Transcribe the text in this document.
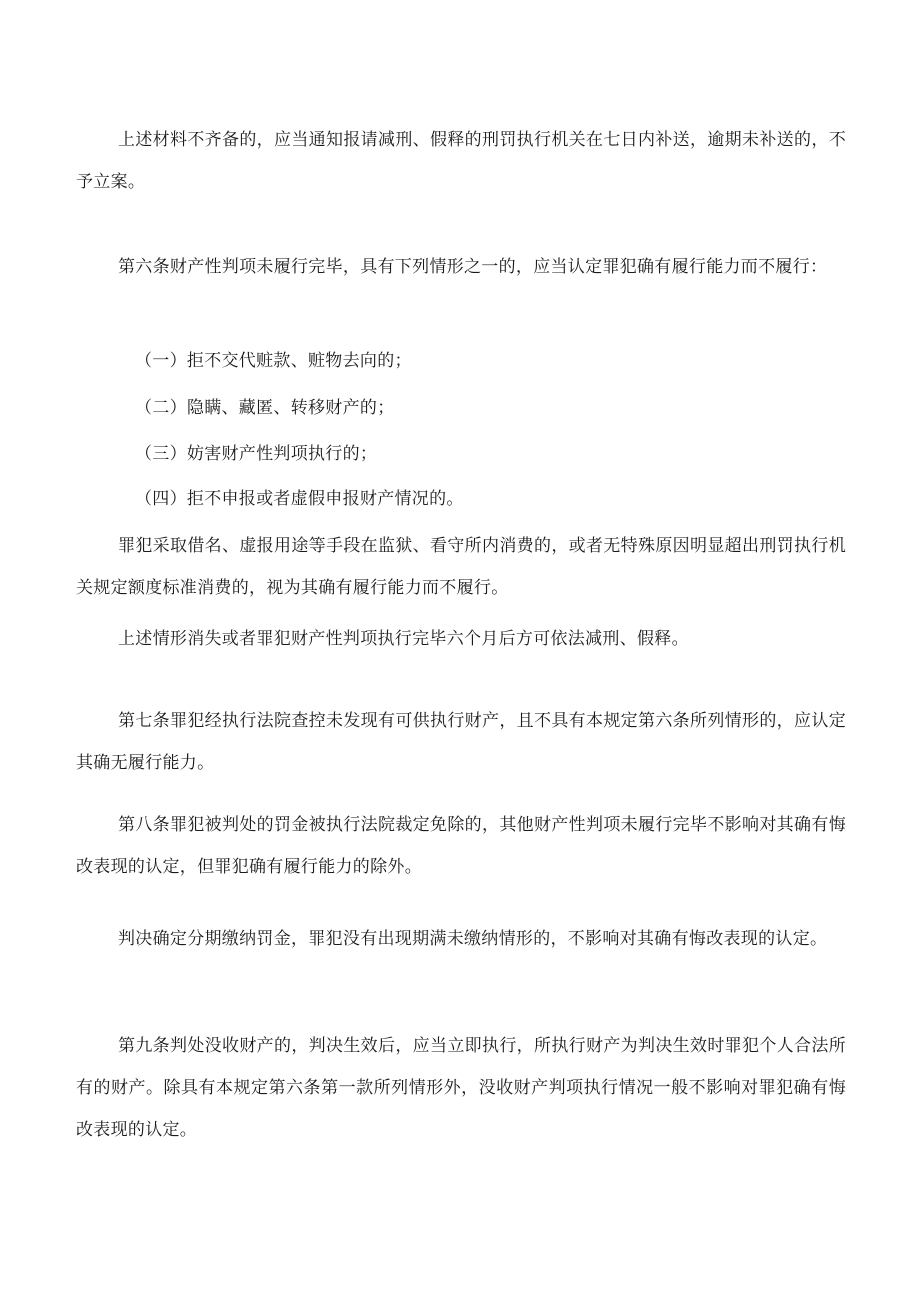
上述材料不齐备的，应当通知报请减刑、假释的刑罚执行机关在七日内补送，逾期未补送的，不予立案。

第六条财产性判项未履行完毕，具有下列情形之一的，应当认定罪犯确有履行能力而不履行：

（一）拒不交代赃款、赃物去向的；

（二）隐瞒、藏匿、转移财产的；

（三）妨害财产性判项执行的；

（四）拒不申报或者虚假申报财产情况的。

罪犯采取借名、虚报用途等手段在监狱、看守所内消费的，或者无特殊原因明显超出刑罚执行机关规定额度标准消费的，视为其确有履行能力而不履行。

上述情形消失或者罪犯财产性判项执行完毕六个月后方可依法减刑、假释。

第七条罪犯经执行法院查控未发现有可供执行财产，且不具有本规定第六条所列情形的，应认定其确无履行能力。

第八条罪犯被判处的罚金被执行法院裁定免除的，其他财产性判项未履行完毕不影响对其确有悔改表现的认定，但罪犯确有履行能力的除外。

判决确定分期缴纳罚金，罪犯没有出现期满未缴纳情形的，不影响对其确有悔改表现的认定。

第九条判处没收财产的，判决生效后，应当立即执行，所执行财产为判决生效时罪犯个人合法所有的财产。除具有本规定第六条第一款所列情形外，没收财产判项执行情况一般不影响对罪犯确有悔改表现的认定。
